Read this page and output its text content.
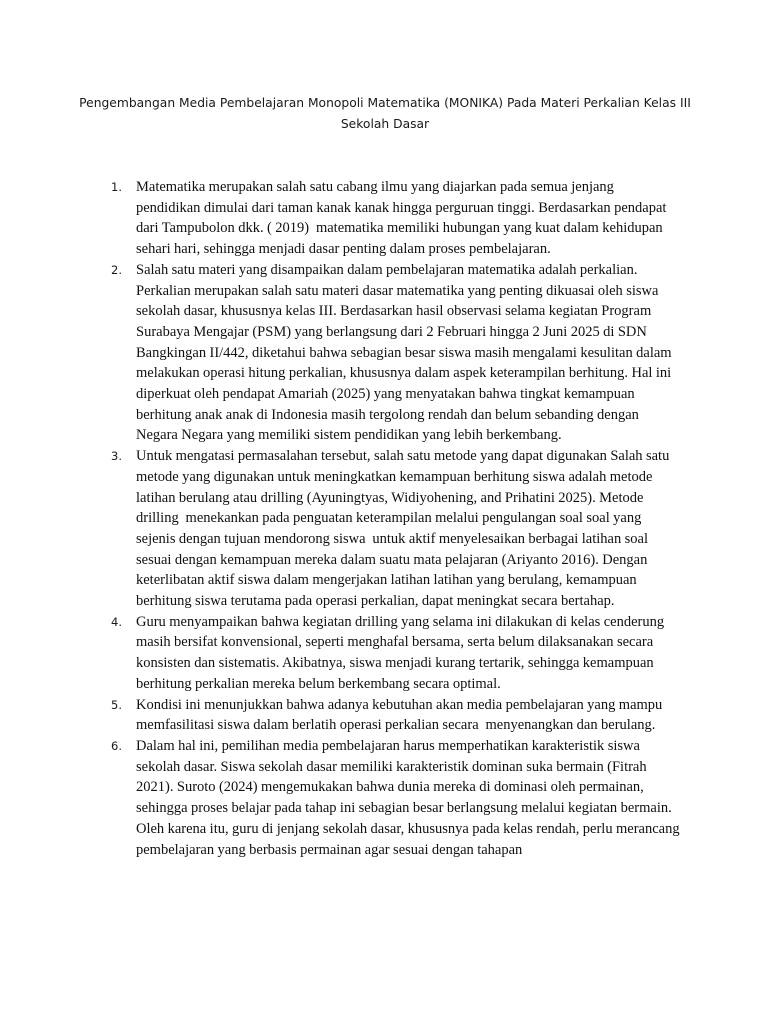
Pengembangan Media Pembelajaran Monopoli Matematika (MONIKA) Pada Materi Perkalian Kelas III
Sekolah Dasar
1. Matematika merupakan salah satu cabang ilmu yang diajarkan pada semua jenjang pendidikan dimulai dari taman kanak kanak hingga perguruan tinggi. Berdasarkan pendapat dari Tampubolon dkk. ( 2019)  matematika memiliki hubungan yang kuat dalam kehidupan sehari hari, sehingga menjadi dasar penting dalam proses pembelajaran.
2. Salah satu materi yang disampaikan dalam pembelajaran matematika adalah perkalian. Perkalian merupakan salah satu materi dasar matematika yang penting dikuasai oleh siswa sekolah dasar, khususnya kelas III. Berdasarkan hasil observasi selama kegiatan Program Surabaya Mengajar (PSM) yang berlangsung dari 2 Februari hingga 2 Juni 2025 di SDN Bangkingan II/442, diketahui bahwa sebagian besar siswa masih mengalami kesulitan dalam melakukan operasi hitung perkalian, khususnya dalam aspek keterampilan berhitung. Hal ini diperkuat oleh pendapat Amariah (2025) yang menyatakan bahwa tingkat kemampuan berhitung anak anak di Indonesia masih tergolong rendah dan belum sebanding dengan Negara Negara yang memiliki sistem pendidikan yang lebih berkembang.
3. Untuk mengatasi permasalahan tersebut, salah satu metode yang dapat digunakan Salah satu metode yang digunakan untuk meningkatkan kemampuan berhitung siswa adalah metode latihan berulang atau drilling (Ayuningtyas, Widiyohening, and Prihatini 2025). Metode drilling  menekankan pada penguatan keterampilan melalui pengulangan soal soal yang sejenis dengan tujuan mendorong siswa  untuk aktif menyelesaikan berbagai latihan soal sesuai dengan kemampuan mereka dalam suatu mata pelajaran (Ariyanto 2016). Dengan keterlibatan aktif siswa dalam mengerjakan latihan latihan yang berulang, kemampuan berhitung siswa terutama pada operasi perkalian, dapat meningkat secara bertahap.
4. Guru menyampaikan bahwa kegiatan drilling yang selama ini dilakukan di kelas cenderung masih bersifat konvensional, seperti menghafal bersama, serta belum dilaksanakan secara konsisten dan sistematis. Akibatnya, siswa menjadi kurang tertarik, sehingga kemampuan berhitung perkalian mereka belum berkembang secara optimal.
5. Kondisi ini menunjukkan bahwa adanya kebutuhan akan media pembelajaran yang mampu memfasilitasi siswa dalam berlatih operasi perkalian secara  menyenangkan dan berulang.
6. Dalam hal ini, pemilihan media pembelajaran harus memperhatikan karakteristik siswa sekolah dasar. Siswa sekolah dasar memiliki karakteristik dominan suka bermain (Fitrah 2021). Suroto (2024) mengemukakan bahwa dunia mereka di dominasi oleh permainan, sehingga proses belajar pada tahap ini sebagian besar berlangsung melalui kegiatan bermain. Oleh karena itu, guru di jenjang sekolah dasar, khususnya pada kelas rendah, perlu merancang pembelajaran yang berbasis permainan agar sesuai dengan tahapan
